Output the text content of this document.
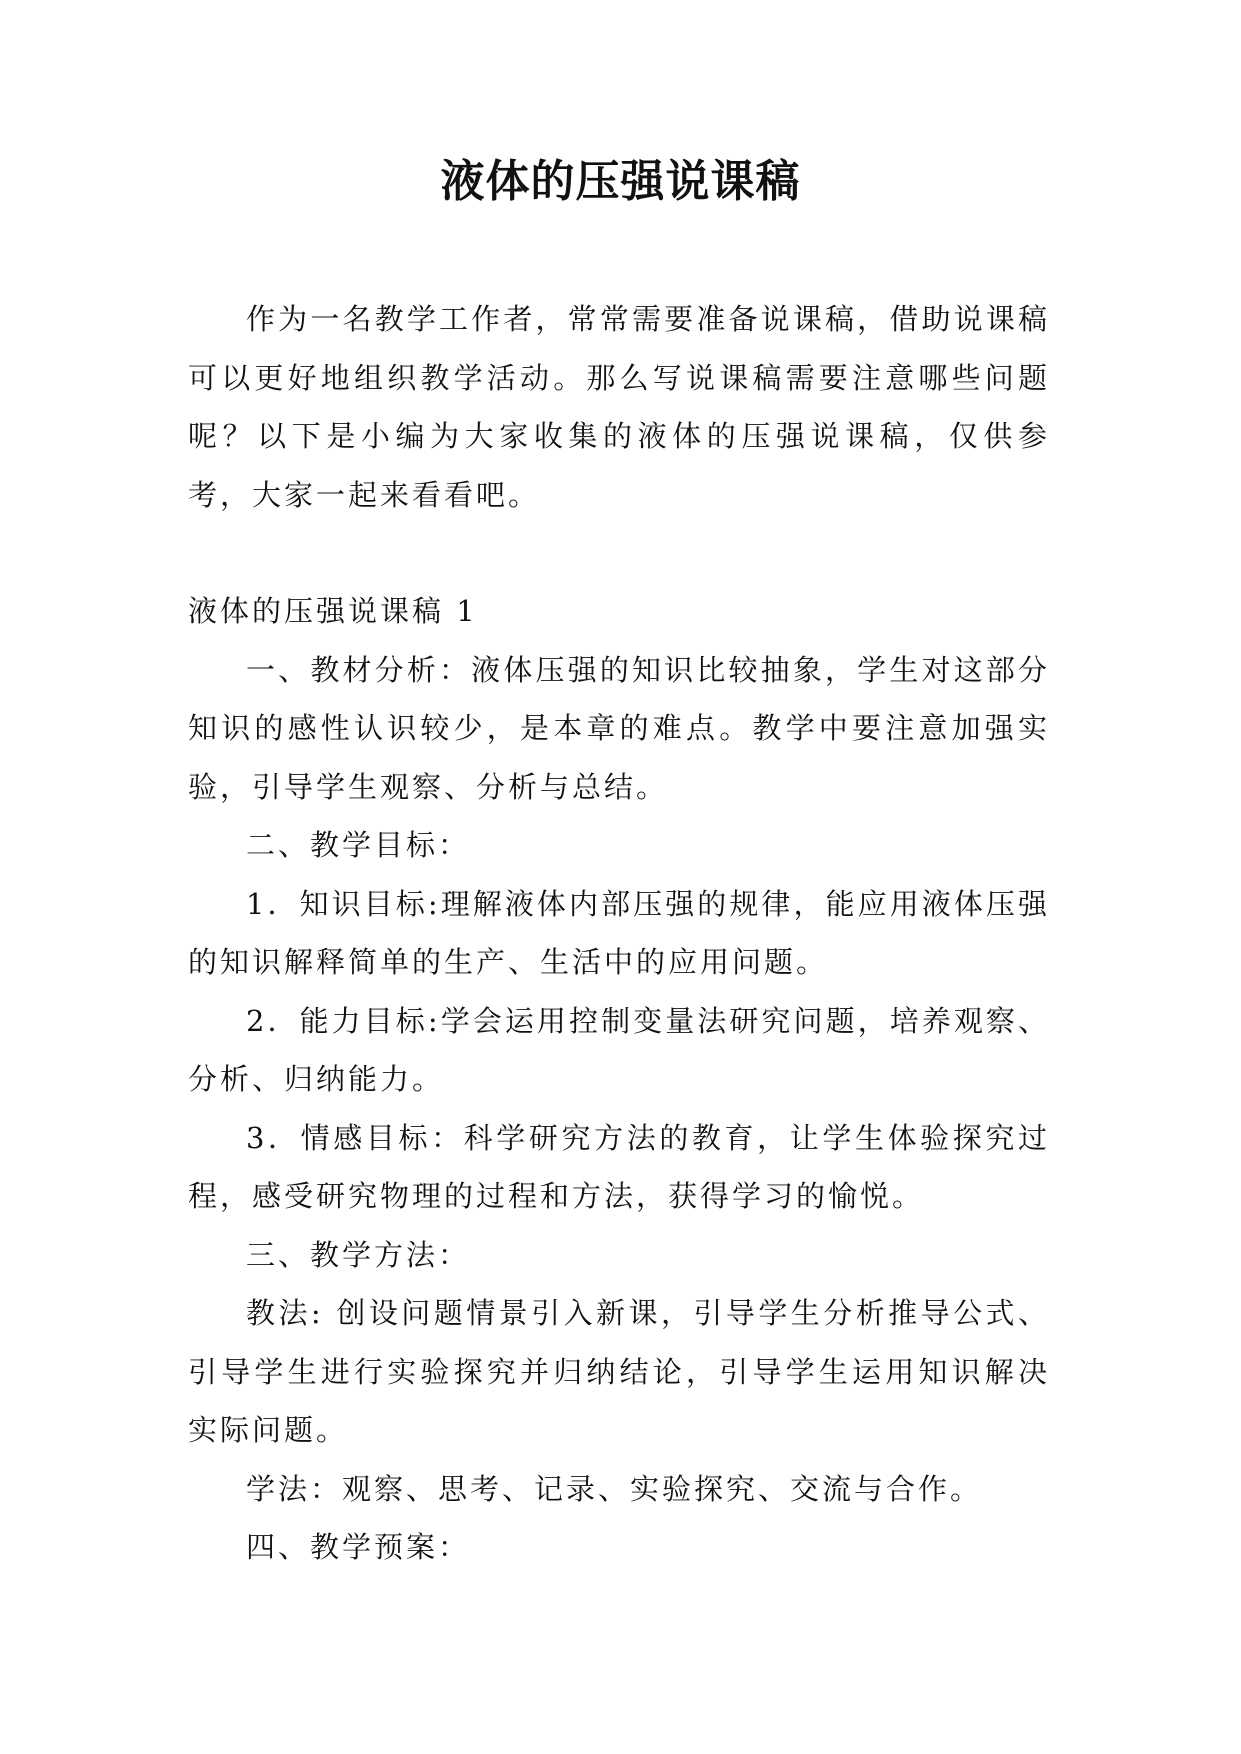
液体的压强说课稿

作为一名教学工作者，常常需要准备说课稿，借助说课稿可以更好地组织教学活动。那么写说课稿需要注意哪些问题呢？以下是小编为大家收集的液体的压强说课稿，仅供参考，大家一起来看看吧。

液体的压强说课稿 1

一、教材分析：液体压强的知识比较抽象，学生对这部分知识的感性认识较少，是本章的难点。教学中要注意加强实验，引导学生观察、分析与总结。

二、教学目标：

1．知识目标:理解液体内部压强的规律，能应用液体压强的知识解释简单的生产、生活中的应用问题。

2．能力目标:学会运用控制变量法研究问题，培养观察、分析、归纳能力。

3．情感目标：科学研究方法的教育，让学生体验探究过程，感受研究物理的过程和方法，获得学习的愉悦。

三、教学方法：

教法: 创设问题情景引入新课，引导学生分析推导公式、引导学生进行实验探究并归纳结论，引导学生运用知识解决实际问题。

学法：观察、思考、记录、实验探究、交流与合作。

四、教学预案：
